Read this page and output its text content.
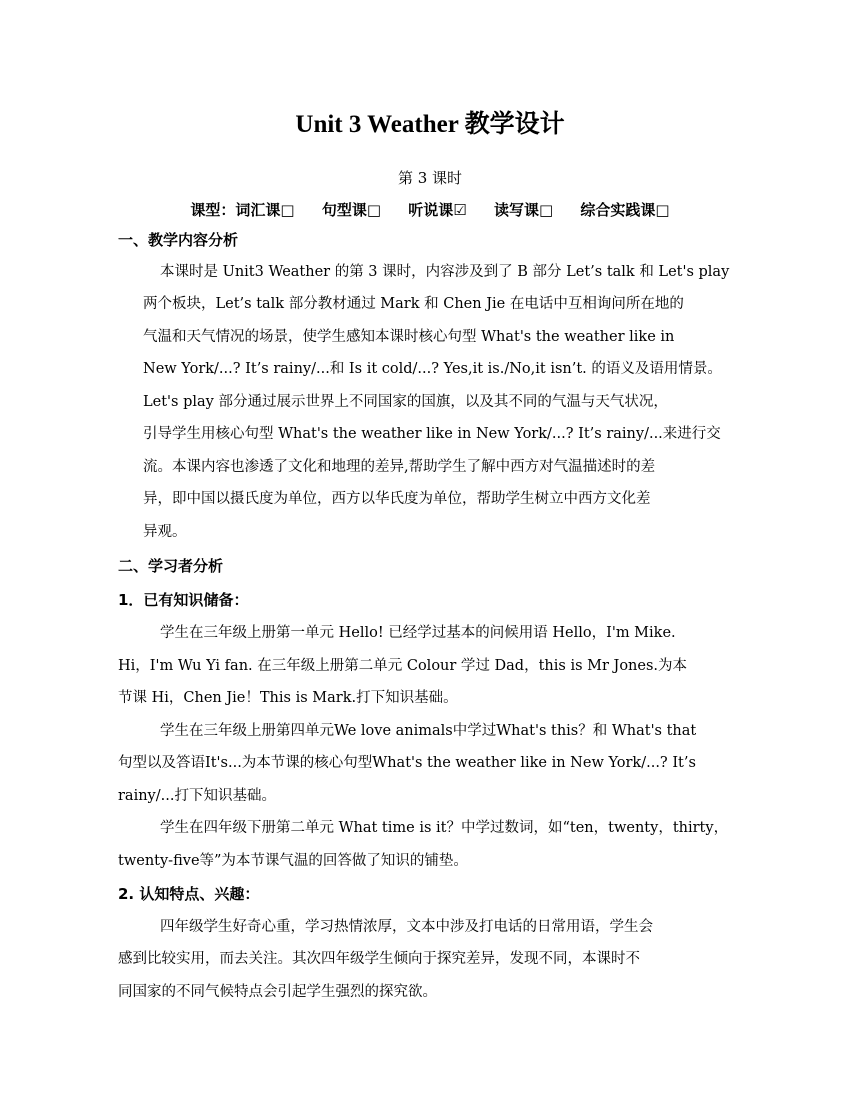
Unit 3 Weather 教学设计
第 3 课时
课型：词汇课□ 句型课□ 听说课☑ 读写课□ 综合实践课□
一、教学内容分析
本课时是 Unit3 Weather 的第 3 课时，内容涉及到了 B 部分 Let’s talk 和 Let's play
两个板块，Let’s talk 部分教材通过 Mark 和 Chen Jie 在电话中互相询问所在地的
气温和天气情况的场景，使学生感知本课时核心句型 What's the weather like in
New York/...? It’s rainy/...和 Is it cold/...? Yes,it is./No,it isn’t. 的语义及语用情景。
Let's play 部分通过展示世界上不同国家的国旗，以及其不同的气温与天气状况，
引导学生用核心句型 What's the weather like in New York/...? It’s rainy/...来进行交
流。本课内容也渗透了文化和地理的差异,帮助学生了解中西方对气温描述时的差
异，即中国以摄氏度为单位，西方以华氏度为单位，帮助学生树立中西方文化差
异观。
二、学习者分析
1．已有知识储备：
学生在三年级上册第一单元 Hello! 已经学过基本的问候用语 Hello，I'm Mike.
Hi，I'm Wu Yi fan. 在三年级上册第二单元 Colour 学过 Dad，this is Mr Jones.为本
节课 Hi，Chen Jie！This is Mark.打下知识基础。
学生在三年级上册第四单元We love animals中学过What's this？和 What's that
句型以及答语It's...为本节课的核心句型What's the weather like in New York/...? It’s
rainy/...打下知识基础。
学生在四年级下册第二单元 What time is it？中学过数词，如“ten，twenty，thirty，
twenty-five等”为本节课气温的回答做了知识的铺垫。
2. 认知特点、兴趣：
四年级学生好奇心重，学习热情浓厚，文本中涉及打电话的日常用语，学生会
感到比较实用，而去关注。其次四年级学生倾向于探究差异，发现不同，本课时不
同国家的不同气候特点会引起学生强烈的探究欲。
